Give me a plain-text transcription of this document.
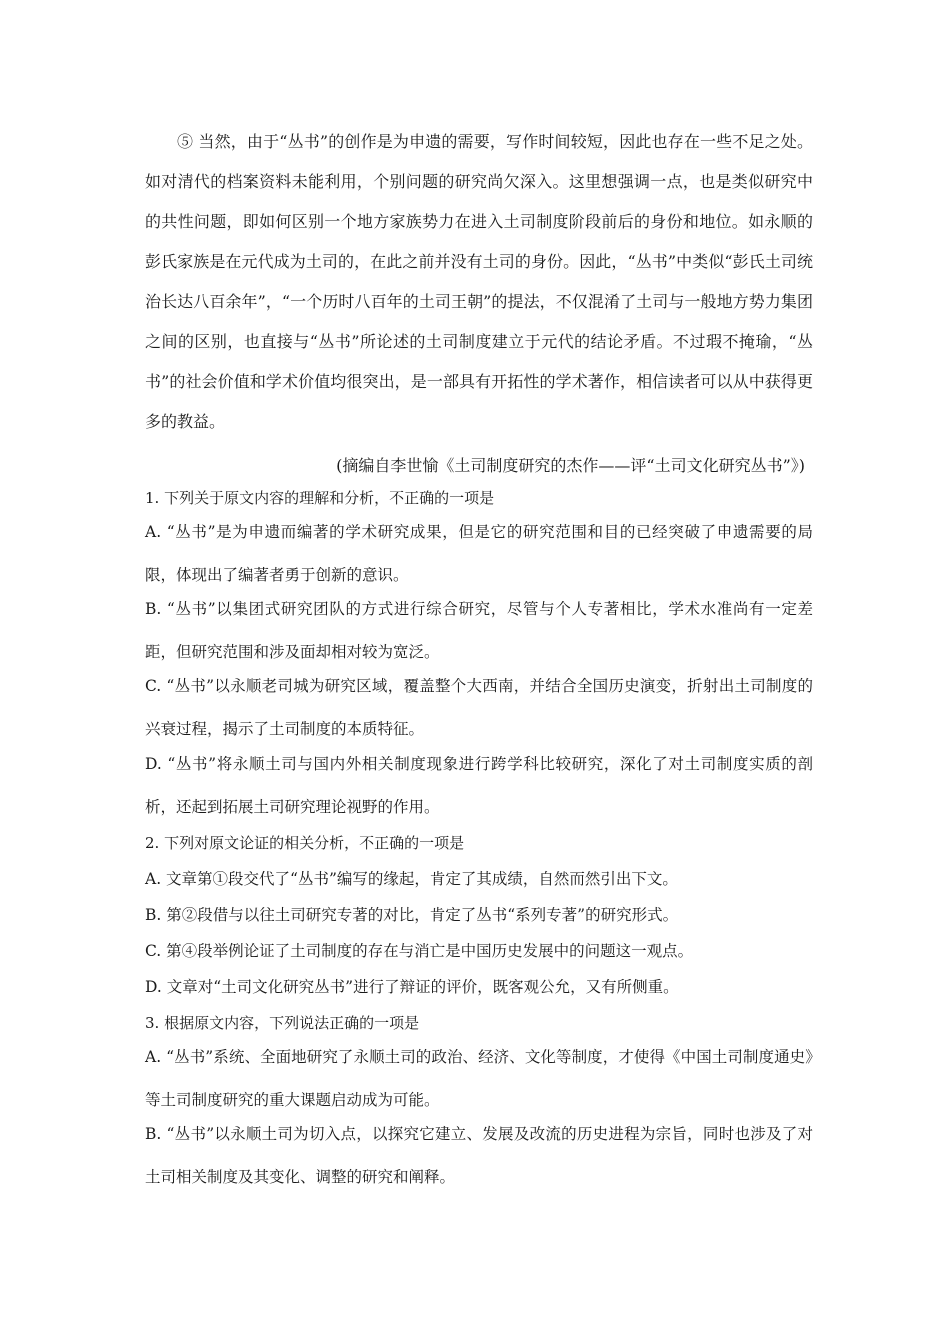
⑤ 当然，由于“丛书”的创作是为申遗的需要，写作时间较短，因此也存在一些不足之处。如对清代的档案资料未能利用，个别问题的研究尚欠深入。这里想强调一点，也是类似研究中的共性问题，即如何区别一个地方家族势力在进入土司制度阶段前后的身份和地位。如永顺的彭氏家族是在元代成为土司的，在此之前并没有土司的身份。因此，“丛书”中类似“彭氏土司统治长达八百余年”，“一个历时八百年的土司王朝”的提法，不仅混淆了土司与一般地方势力集团之间的区别，也直接与“丛书”所论述的土司制度建立于元代的结论矛盾。不过瑕不掩瑜，“丛书”的社会价值和学术价值均很突出，是一部具有开拓性的学术著作，相信读者可以从中获得更多的教益。

(摘编自李世愉《土司制度研究的杰作——评“土司文化研究丛书”》)

1. 下列关于原文内容的理解和分析，不正确的一项是

A. “丛书”是为申遗而编著的学术研究成果，但是它的研究范围和目的已经突破了申遗需要的局限，体现出了编著者勇于创新的意识。

B. “丛书”以集团式研究团队的方式进行综合研究，尽管与个人专著相比，学术水准尚有一定差距，但研究范围和涉及面却相对较为宽泛。

C. “丛书”以永顺老司城为研究区域，覆盖整个大西南，并结合全国历史演变，折射出土司制度的兴衰过程，揭示了土司制度的本质特征。

D. “丛书”将永顺土司与国内外相关制度现象进行跨学科比较研究，深化了对土司制度实质的剖析，还起到拓展土司研究理论视野的作用。

2. 下列对原文论证的相关分析，不正确的一项是

A. 文章第①段交代了“丛书”编写的缘起，肯定了其成绩，自然而然引出下文。

B. 第②段借与以往土司研究专著的对比，肯定了丛书“系列专著”的研究形式。

C. 第④段举例论证了土司制度的存在与消亡是中国历史发展中的问题这一观点。

D. 文章对“土司文化研究丛书”进行了辩证的评价，既客观公允，又有所侧重。

3. 根据原文内容，下列说法正确的一项是

A. “丛书”系统、全面地研究了永顺土司的政治、经济、文化等制度，才使得《中国土司制度通史》等土司制度研究的重大课题启动成为可能。

B. “丛书”以永顺土司为切入点，以探究它建立、发展及改流的历史进程为宗旨，同时也涉及了对土司相关制度及其变化、调整的研究和阐释。
